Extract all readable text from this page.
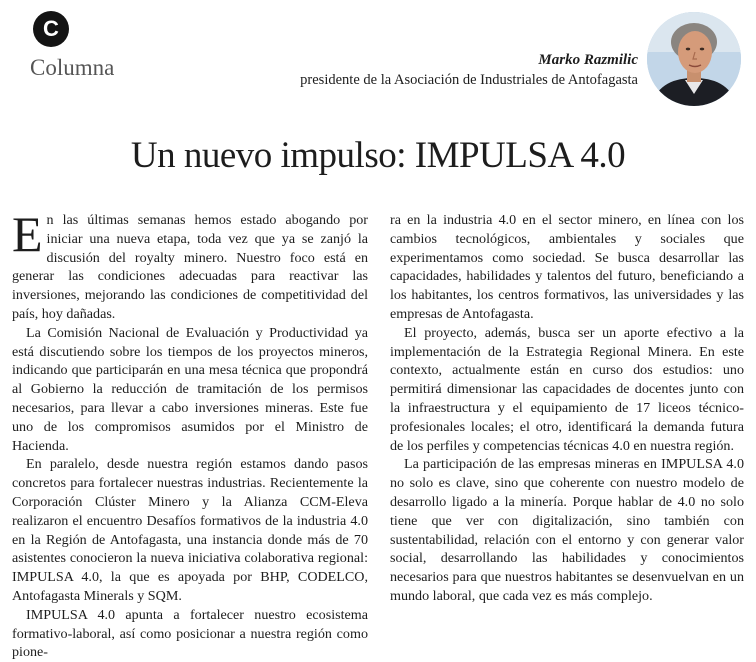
C
Columna	Marko Razmilic
presidente de la Asociación de Industriales de Antofagasta
Un nuevo impulso: IMPULSA 4.0

En las últimas semanas hemos estado abogando por iniciar una nueva etapa, toda vez que ya se zanjó la discusión del royalty minero. Nuestro foco está en generar las condiciones adecuadas para reactivar las inversiones, mejorando las condiciones de competitividad del país, hoy dañadas.

La Comisión Nacional de Evaluación y Productividad ya está discutiendo sobre los tiempos de los proyectos mineros, indicando que participarán en una mesa técnica que propondrá al Gobierno la reducción de tramitación de los permisos necesarios, para llevar a cabo inversiones mineras. Este fue uno de los compromisos asumidos por el Ministro de Hacienda.

En paralelo, desde nuestra región estamos dando pasos concretos para fortalecer nuestras industrias. Recientemente la Corporación Clúster Minero y la Alianza CCM-Eleva realizaron el encuentro Desafíos formativos de la industria 4.0 en la Región de Antofagasta, una instancia donde más de 70 asistentes conocieron la nueva iniciativa colaborativa regional: IMPULSA 4.0, la que es apoyada por BHP, CODELCO, Antofagasta Minerals y SQM.

IMPULSA 4.0 apunta a fortalecer nuestro ecosistema formativo-laboral, así como posicionar a nuestra región como pione-

ra en la industria 4.0 en el sector minero, en línea con los cambios tecnológicos, ambientales y sociales que experimentamos como sociedad. Se busca desarrollar las capacidades, habilidades y talentos del futuro, beneficiando a los habitantes, los centros formativos, las universidades y las empresas de Antofagasta.

El proyecto, además, busca ser un aporte efectivo a la implementación de la Estrategia Regional Minera. En este contexto, actualmente están en curso dos estudios: uno permitirá dimensionar las capacidades de docentes junto con la infraestructura y el equipamiento de 17 liceos técnico-profesionales locales; el otro, identificará la demanda futura de los perfiles y competencias técnicas 4.0 en nuestra región.

La participación de las empresas mineras en IMPULSA 4.0 no solo es clave, sino que coherente con nuestro modelo de desarrollo ligado a la minería. Porque hablar de 4.0 no solo tiene que ver con digitalización, sino también con sustentabilidad, relación con el entorno y con generar valor social, desarrollando las habilidades y conocimientos necesarios para que nuestros habitantes se desenvuelvan en un mundo laboral, que cada vez es más complejo.
